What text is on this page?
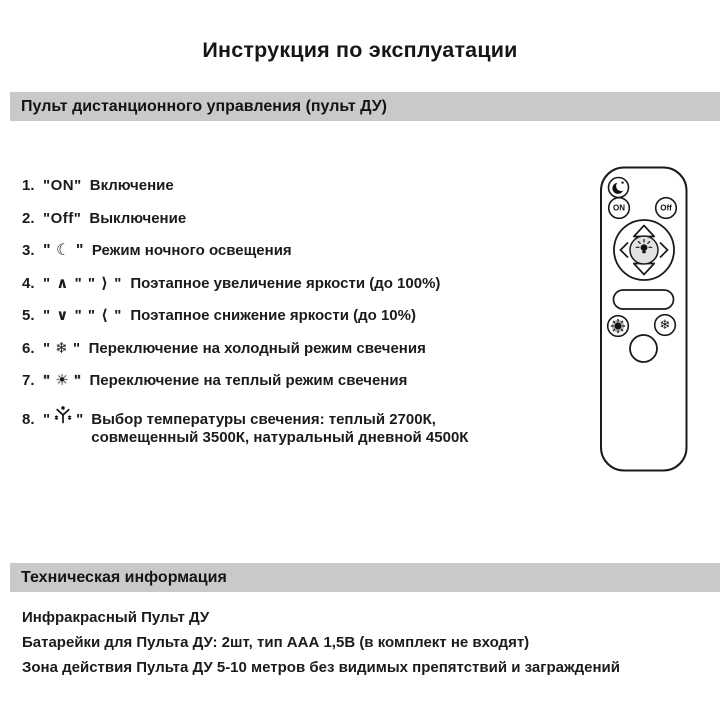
Инструкция по эксплуатации
Пульт дистанционного управления (пульт ДУ)
1. "ON" Включение
2. "Off" Выключение
3. " ☾ " Режим ночного освещения
4. " ∧ " " ⟩ " Поэтапное увеличение яркости (до 100%)
5. " ∨ " " ⟨ " Поэтапное снижение яркости (до 10%)
6. " ❄ " Переключение на холодный режим свечения
7. " ☀ " Переключение на теплый режим свечения
8. " " Выбор температуры свечения: теплый 2700К, совмещенный 3500К, натуральный дневной 4500К
ON	Off
❄
Техническая информация

Инфракрасный Пульт ДУ

Батарейки для Пульта ДУ: 2шт, тип ААА 1,5В (в комплект не входят)

Зона действия Пульта ДУ 5-10 метров без видимых препятствий и заграждений
